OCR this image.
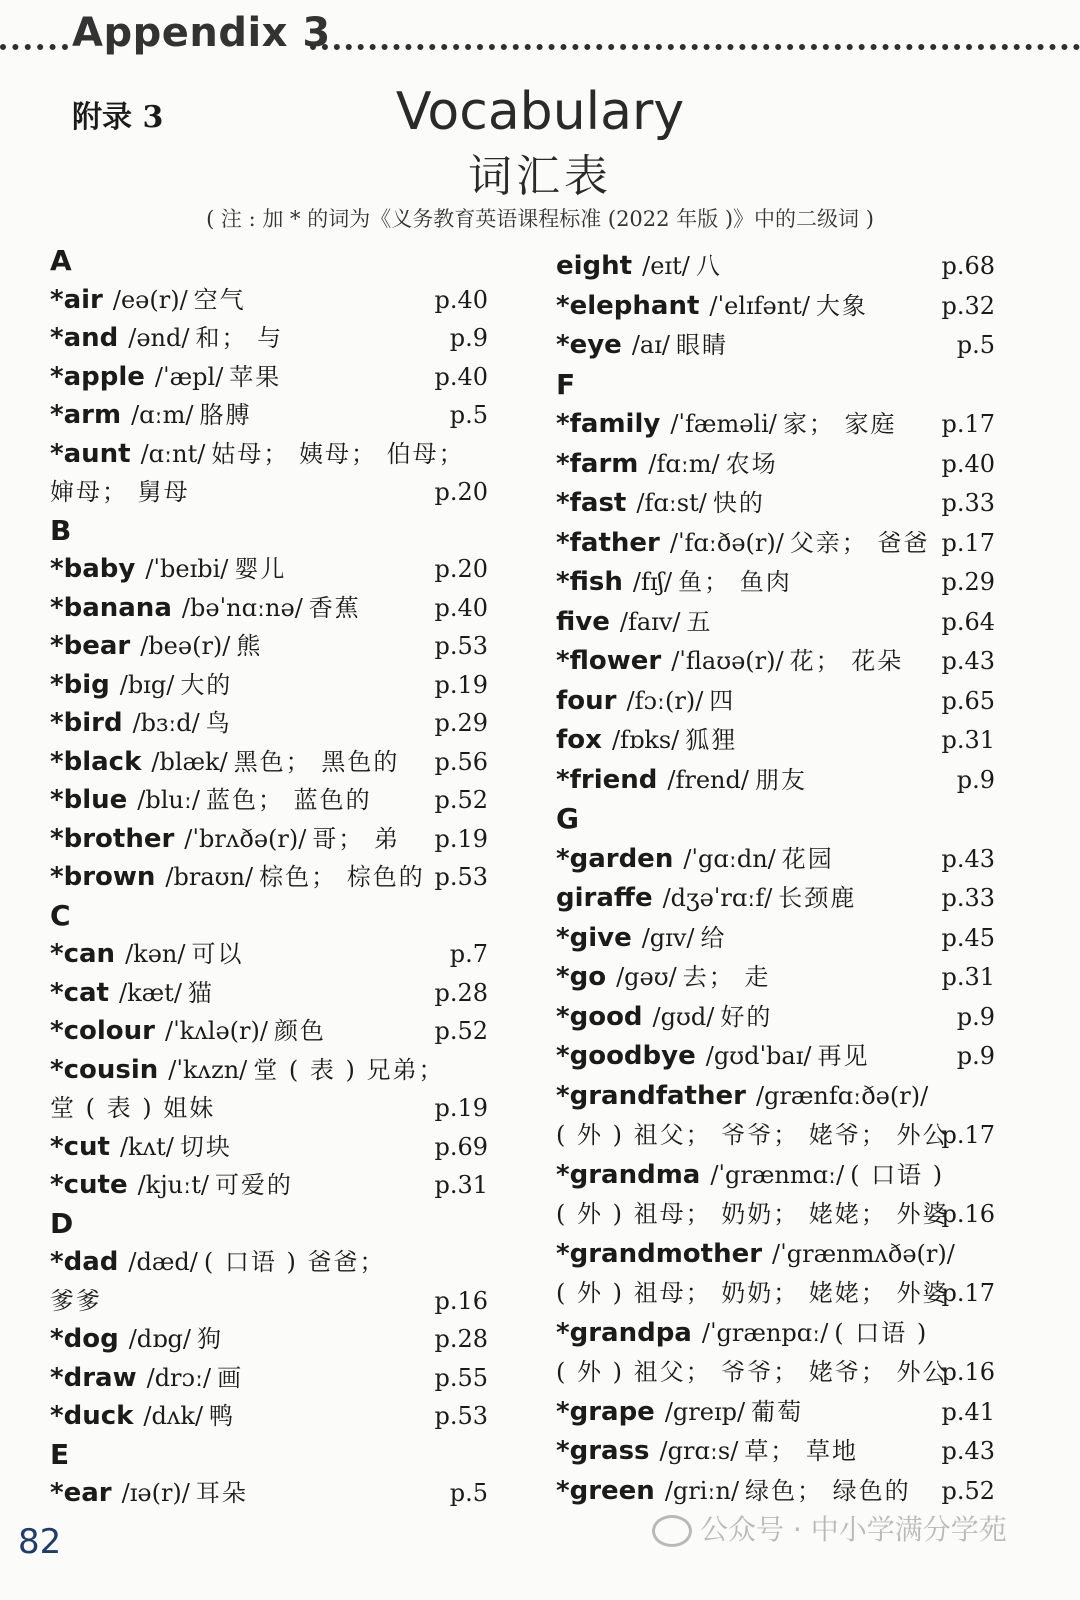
Appendix 3
附录 3	Vocabulary
词汇表
( 注 : 加 * 的词为《义务教育英语课程标准 (2022 年版 )》中的二级词 )
A
*air /eə(r)/ 空气	p.40
*and /ənd/ 和； 与	p.9
*apple /ˈæpl/ 苹果	p.40
*arm /ɑːm/ 胳膊	p.5
*aunt /ɑːnt/ 姑母； 姨母； 伯母；
婶母； 舅母	p.20
B
*baby /ˈbeɪbi/ 婴儿	p.20
*banana /bəˈnɑːnə/ 香蕉	p.40
*bear /beə(r)/ 熊	p.53
*big /bɪg/ 大的	p.19
*bird /bɜːd/ 鸟	p.29
*black /blæk/ 黑色； 黑色的	p.56
*blue /bluː/ 蓝色； 蓝色的	p.52
*brother /ˈbrʌðə(r)/ 哥； 弟	p.19
*brown /braʊn/ 棕色； 棕色的 p.53
C
*can /kən/ 可以	p.7
*cat /kæt/ 猫	p.28
*colour /ˈkʌlə(r)/ 颜色	p.52
*cousin /ˈkʌzn/ 堂 ( 表 ) 兄弟；
堂 ( 表 ) 姐妹	p.19
*cut /kʌt/ 切块	p.69
*cute /kjuːt/ 可爱的	p.31
D
*dad /dæd/ ( 口语 ) 爸爸；
爹爹	p.16
*dog /dɒg/ 狗	p.28
*draw /drɔː/ 画	p.55
*duck /dʌk/ 鸭	p.53
E
*ear /ɪə(r)/ 耳朵	p.5
eight /eɪt/ 八	p.68
*elephant /ˈelɪfənt/ 大象	p.32
*eye /aɪ/ 眼睛	p.5
F
*family /ˈfæməli/ 家； 家庭	p.17
*farm /fɑːm/ 农场	p.40
*fast /fɑːst/ 快的	p.33
*father /ˈfɑːðə(r)/ 父亲； 爸爸 p.17
*fish /fɪʃ/ 鱼； 鱼肉	p.29
five /faɪv/ 五	p.64
*flower /ˈflaʊə(r)/ 花； 花朵	p.43
four /fɔː(r)/ 四	p.65
fox /fɒks/ 狐狸	p.31
*friend /frend/ 朋友	p.9
G
*garden /ˈgɑːdn/ 花园	p.43
giraffe /dʒəˈrɑːf/ 长颈鹿	p.33
*give /gɪv/ 给	p.45
*go /gəʊ/ 去； 走	p.31
*good /gʊd/ 好的	p.9
*goodbye /gʊdˈbaɪ/ 再见	p.9
*grandfather /grænfɑːðə(r)/
( 外 ) 祖父； 爷爷； 姥爷； 外公
p.17
*grandma /ˈgrænmɑː/ ( 口语 )
( 外 ) 祖母； 奶奶； 姥姥； 外婆
p.16
*grandmother /ˈgrænmʌðə(r)/
( 外 ) 祖母； 奶奶； 姥姥； 外婆
p.17
*grandpa /ˈgrænpɑː/ ( 口语 )
( 外 ) 祖父； 爷爷； 姥爷； 外公
p.16
*grape /greɪp/ 葡萄	p.41
*grass /grɑːs/ 草； 草地	p.43
*green /griːn/ 绿色； 绿色的	p.52
82	公众号 · 中小学满分学苑
